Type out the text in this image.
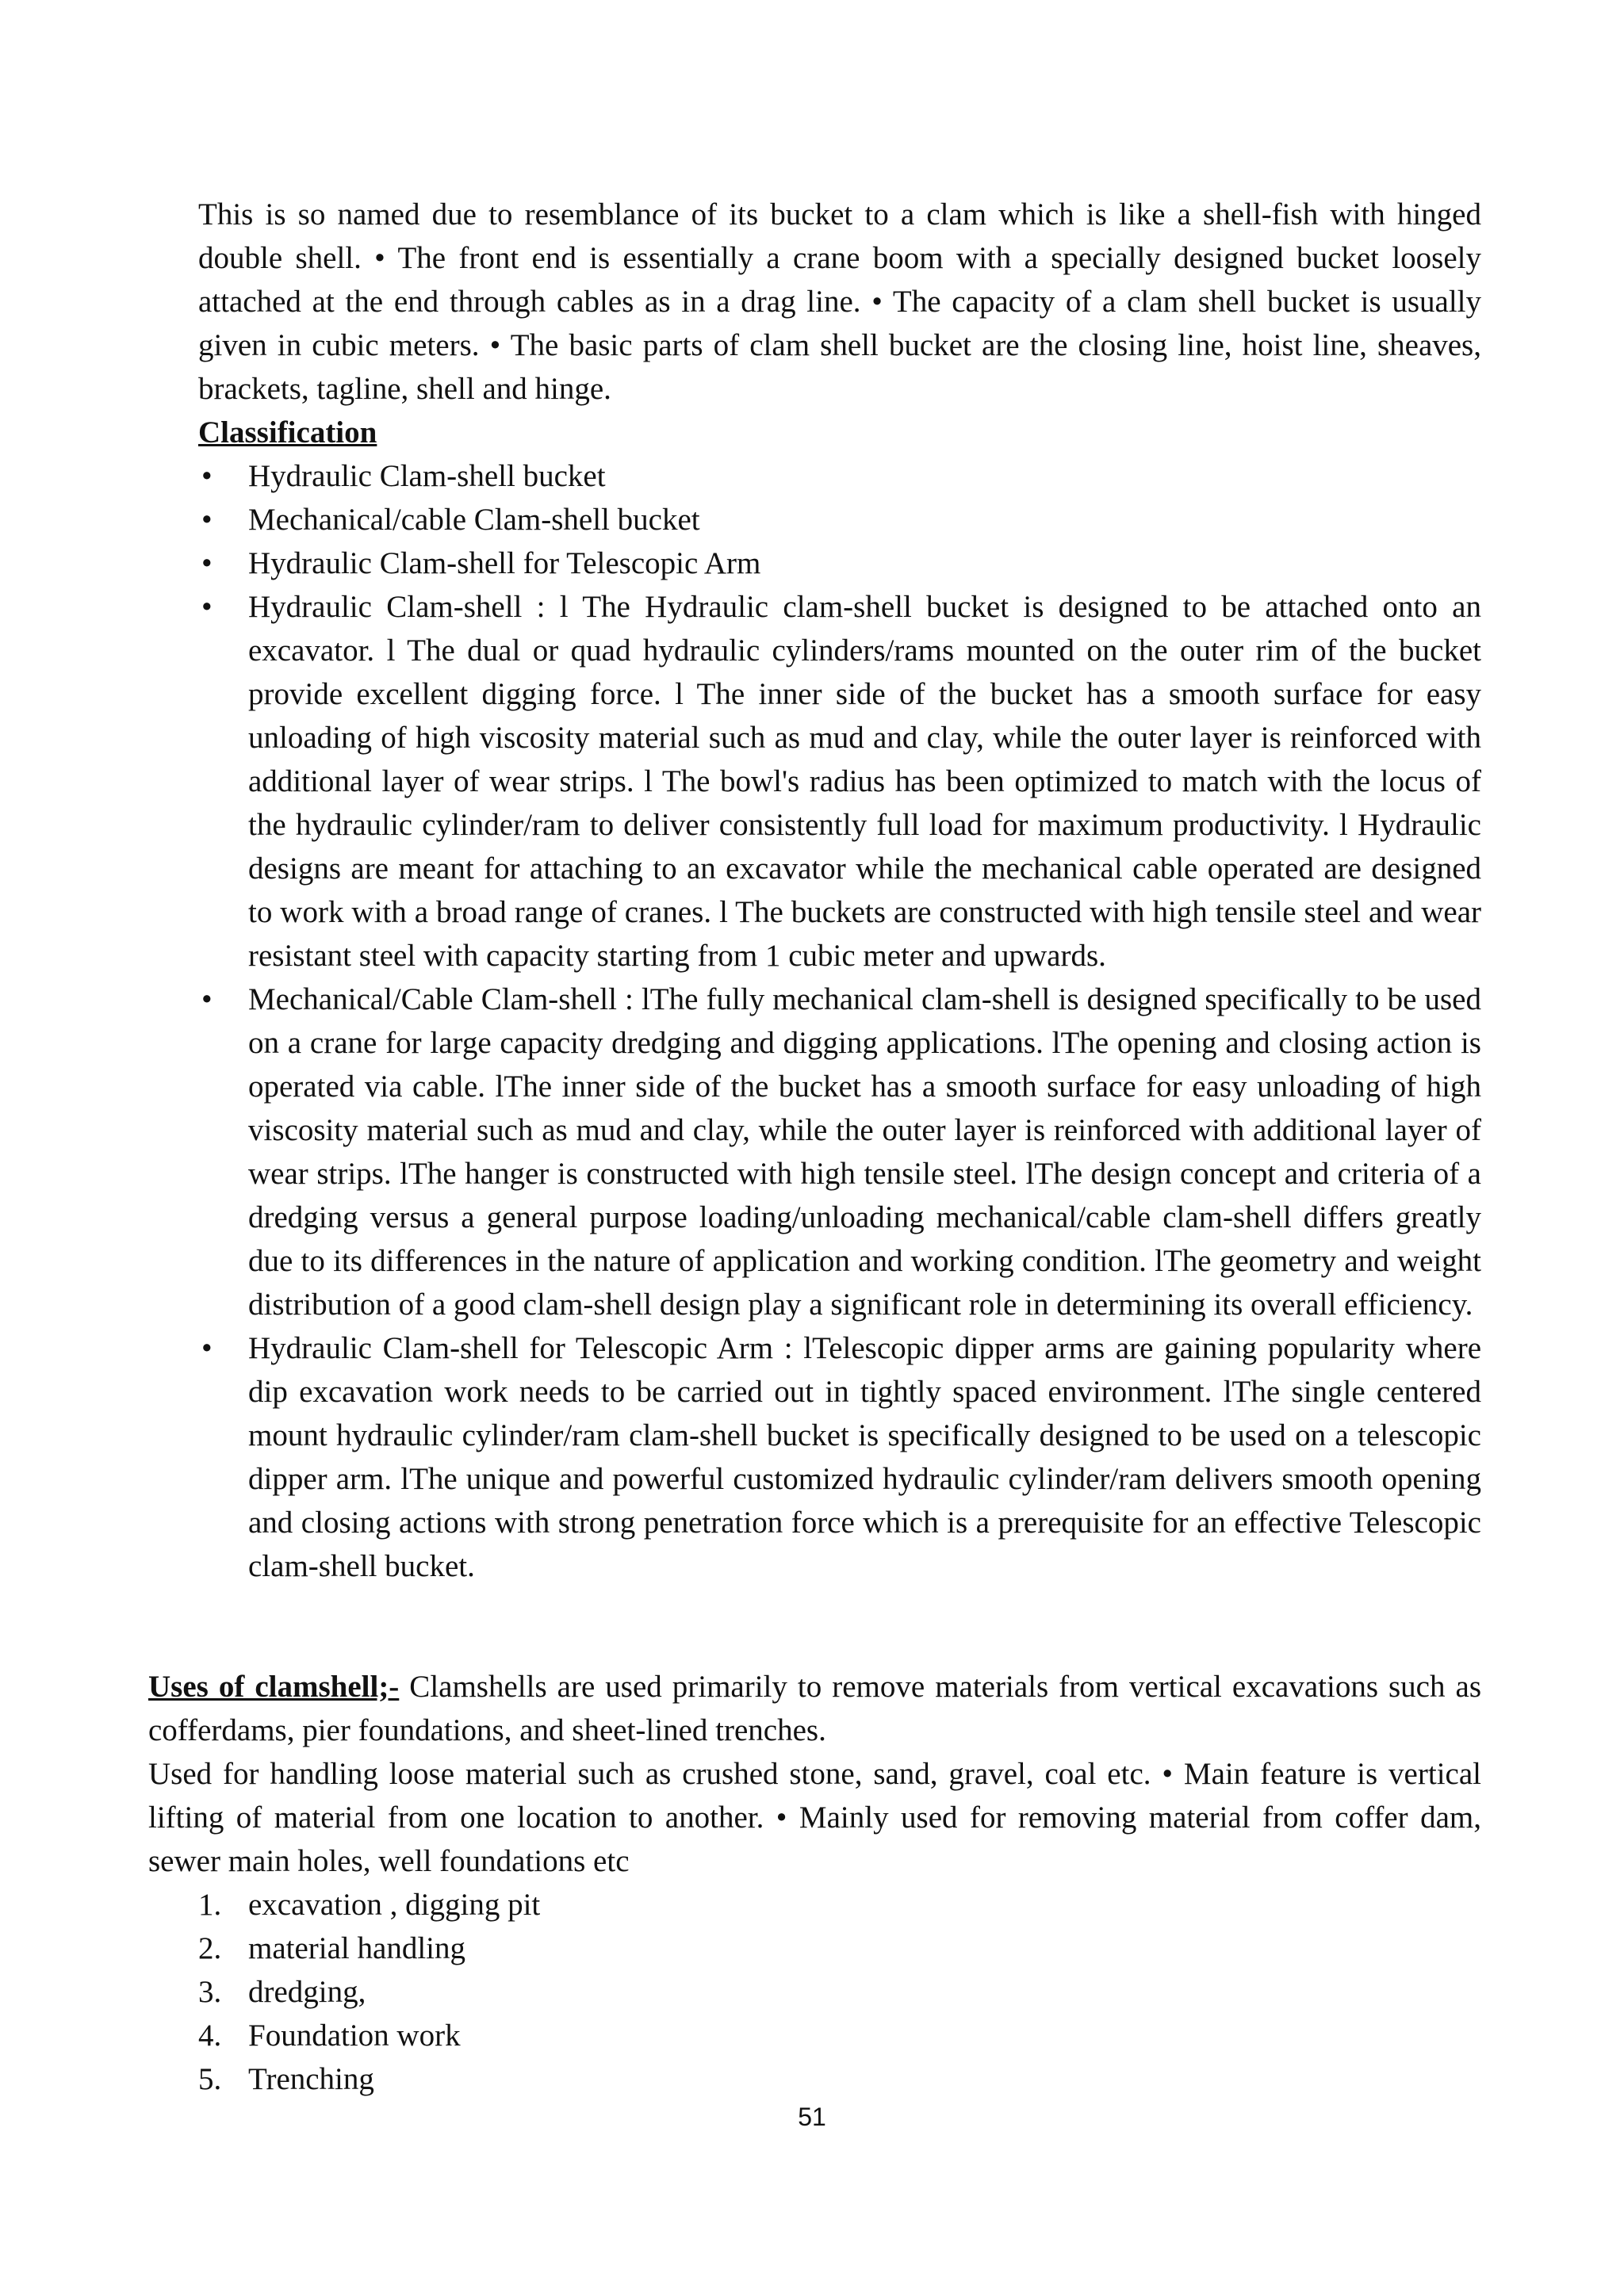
This is so named due to resemblance of its bucket to a clam which is like a shell-fish with hinged double shell. • The front end is essentially a crane boom with a specially designed bucket loosely attached at the end through cables as in a drag line. • The capacity of a clam shell bucket is usually given in cubic meters. • The basic parts of clam shell bucket are the closing line, hoist line, sheaves, brackets, tagline, shell and hinge.

Classification
• Hydraulic Clam-shell bucket
• Mechanical/cable Clam-shell bucket
• Hydraulic Clam-shell for Telescopic Arm
• Hydraulic Clam-shell : l The Hydraulic clam-shell bucket is designed to be attached onto an excavator. l The dual or quad hydraulic cylinders/rams mounted on the outer rim of the bucket provide excellent digging force. l The inner side of the bucket has a smooth surface for easy unloading of high viscosity material such as mud and clay, while the outer layer is reinforced with additional layer of wear strips. l The bowl's radius has been optimized to match with the locus of the hydraulic cylinder/ram to deliver consistently full load for maximum productivity. l Hydraulic designs are meant for attaching to an excavator while the mechanical cable operated are designed to work with a broad range of cranes. l The buckets are constructed with high tensile steel and wear resistant steel with capacity starting from 1 cubic meter and upwards.
• Mechanical/Cable Clam-shell : lThe fully mechanical clam-shell is designed specifically to be used on a crane for large capacity dredging and digging applications. lThe opening and closing action is operated via cable. lThe inner side of the bucket has a smooth surface for easy unloading of high viscosity material such as mud and clay, while the outer layer is reinforced with additional layer of wear strips. lThe hanger is constructed with high tensile steel. lThe design concept and criteria of a dredging versus a general purpose loading/unloading mechanical/cable clam-shell differs greatly due to its differences in the nature of application and working condition. lThe geometry and weight distribution of a good clam-shell design play a significant role in determining its overall efficiency.
• Hydraulic Clam-shell for Telescopic Arm : lTelescopic dipper arms are gaining popularity where dip excavation work needs to be carried out in tightly spaced environment. lThe single centered mount hydraulic cylinder/ram clam-shell bucket is specifically designed to be used on a telescopic dipper arm. lThe unique and powerful customized hydraulic cylinder/ram delivers smooth opening and closing actions with strong penetration force which is a prerequisite for an effective Telescopic clam-shell bucket.

Uses of clamshell;- Clamshells are used primarily to remove materials from vertical excavations such as cofferdams, pier foundations, and sheet-lined trenches.

Used for handling loose material such as crushed stone, sand, gravel, coal etc. • Main feature is vertical lifting of material from one location to another. • Mainly used for removing material from coffer dam, sewer main holes, well foundations etc

1. excavation , digging pit
2. material handling
3. dredging,
4. Foundation work
5. Trenching
51
